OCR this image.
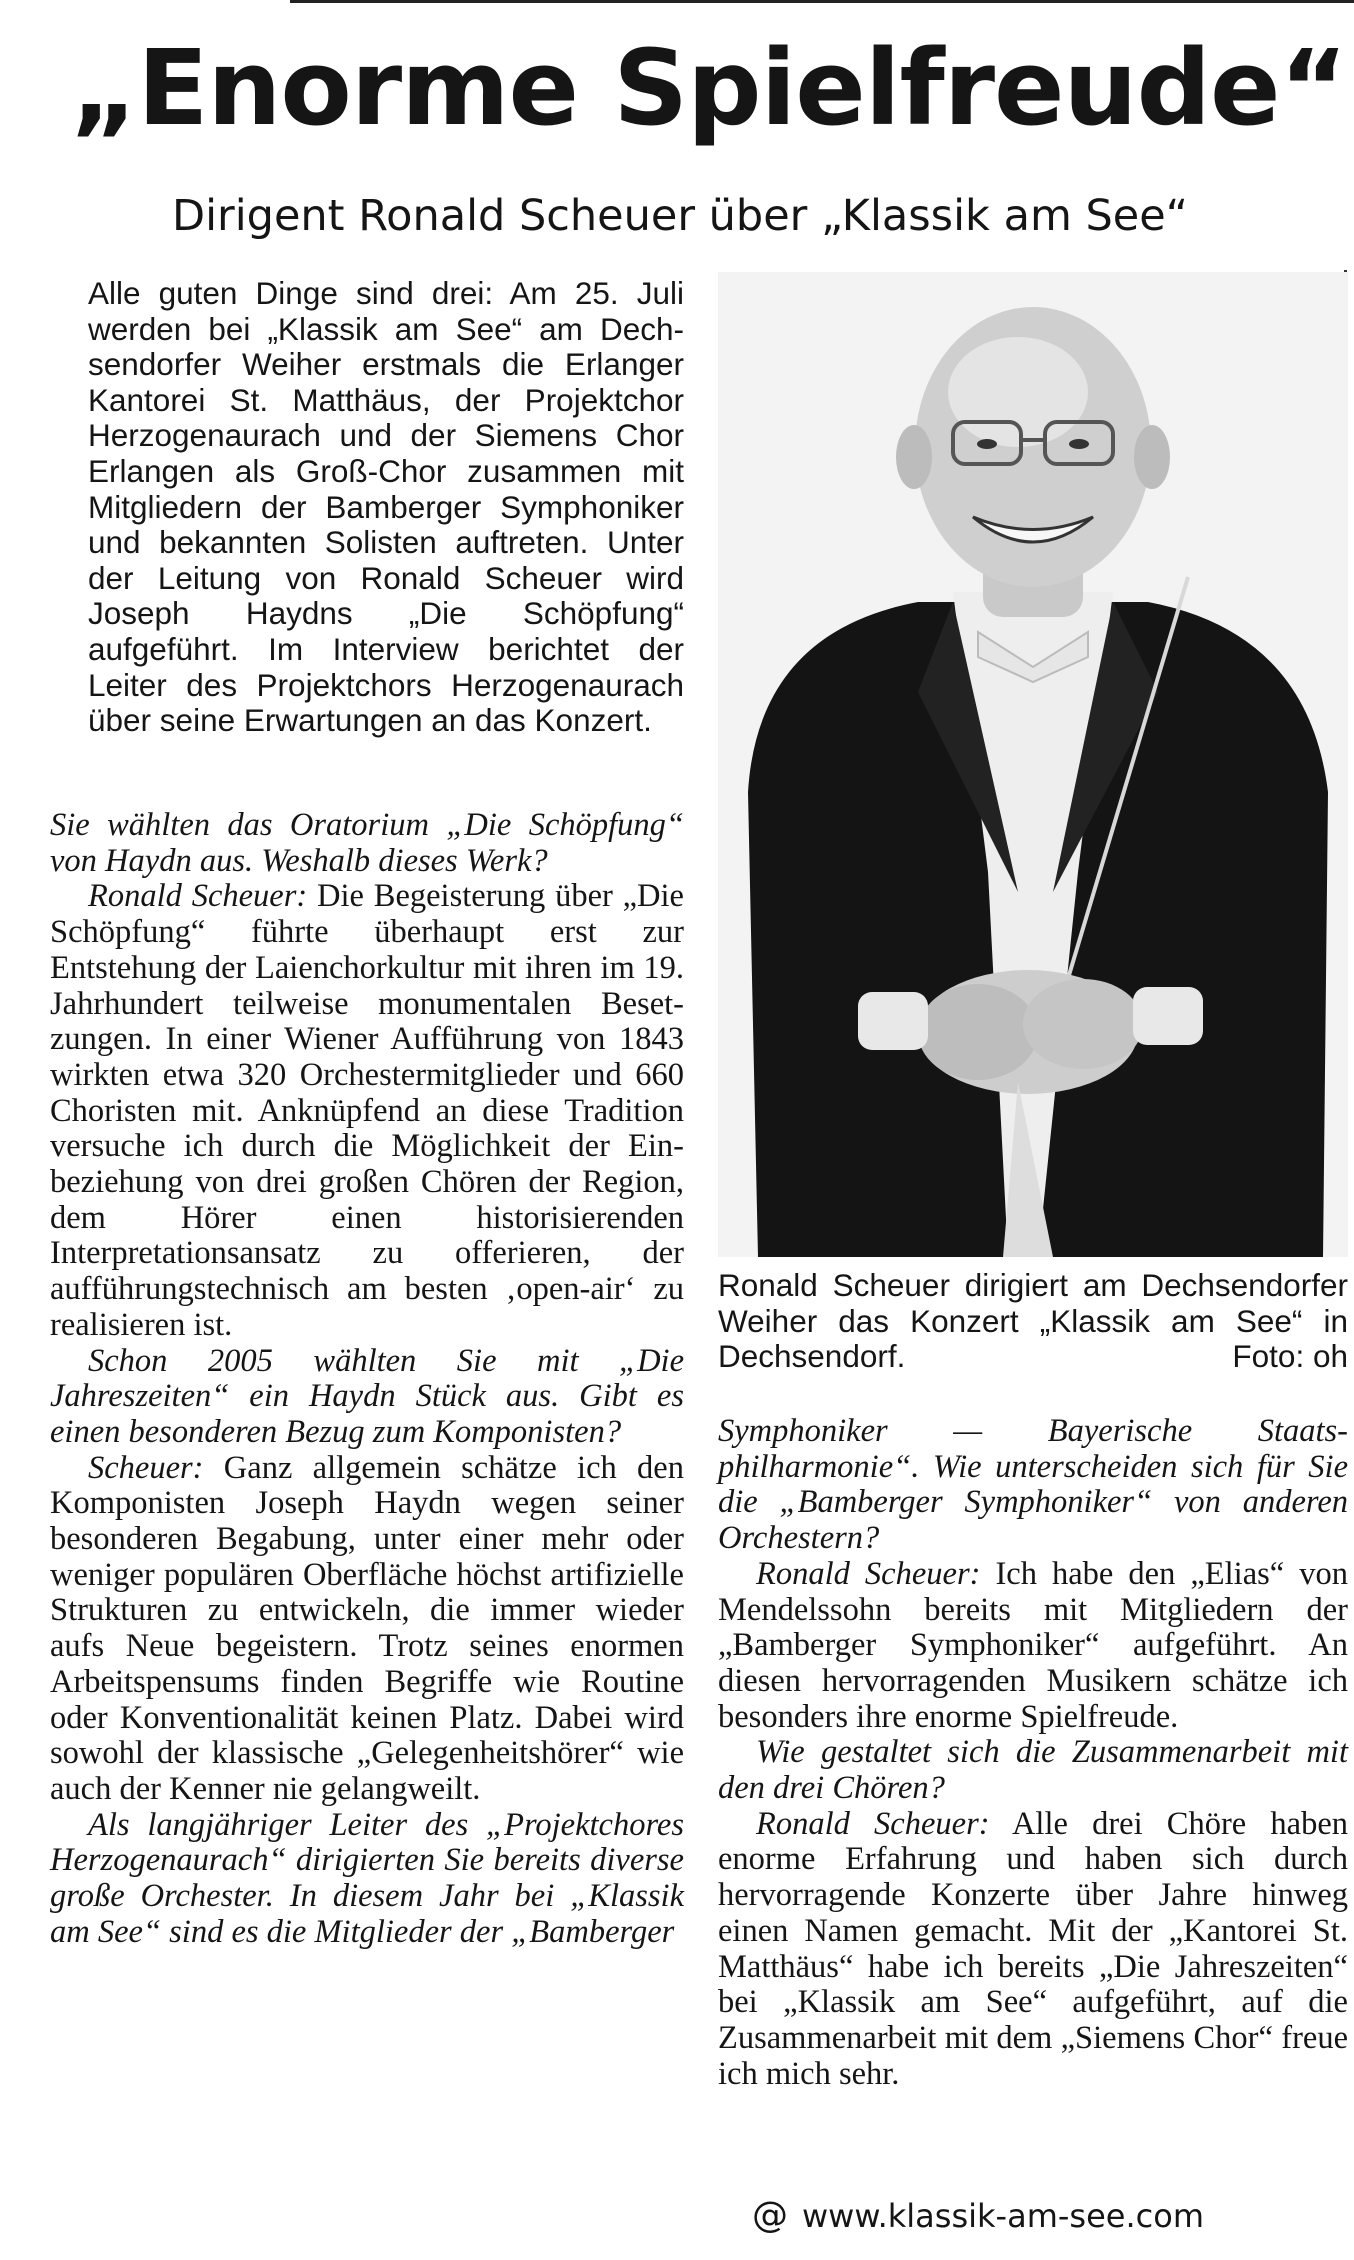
„Enorme Spielfreude“
Dirigent Ronald Scheuer über „Klassik am See“
Alle guten Dinge sind drei: Am 25. Juli werden bei „Klassik am See“ am Dechsendorfer Weiher erstmals die Erlanger Kantorei St. Matthäus, der Projektchor Herzogenaurach und der Siemens Chor Erlangen als Groß-Chor zusammen mit Mitgliedern der Bamberger Symphoniker und bekannten Solisten auftreten. Unter der Leitung von Ronald Scheuer wird Joseph Haydns „Die Schöpfung“ aufgeführt. Im Interview berichtet der Leiter des Projektchors Herzogenaurach über seine Erwartungen an das Konzert.

Sie wählten das Oratorium „Die Schöpfung“ von Haydn aus. Weshalb dieses Werk?

Ronald Scheuer: Die Begeisterung über „Die Schöpfung“ führte überhaupt erst zur Entstehung der Laienchorkultur mit ihren im 19. Jahrhundert teilweise monumentalen Besetzungen. In einer Wiener Aufführung von 1843 wirkten etwa 320 Orchestermitglieder und 660 Choristen mit. Anknüpfend an diese Tradition versuche ich durch die Möglichkeit der Einbeziehung von drei großen Chören der Region, dem Hörer einen historisierenden Interpretationsansatz zu offerieren, der aufführungstechnisch am besten ‚open-air‘ zu realisieren ist.

Schon 2005 wählten Sie mit „Die Jahreszeiten“ ein Haydn Stück aus. Gibt es einen besonderen Bezug zum Komponisten?

Scheuer: Ganz allgemein schätze ich den Komponisten Joseph Haydn wegen seiner besonderen Begabung, unter einer mehr oder weniger populären Oberfläche höchst artifizielle Strukturen zu entwickeln, die immer wieder aufs Neue begeistern. Trotz seines enormen Arbeitspensums finden Begriffe wie Routine oder Konventionalität keinen Platz. Dabei wird sowohl der klassische „Gelegenheitshörer“ wie auch der Kenner nie gelangweilt.

Als langjähriger Leiter des „Projektchores Herzogenaurach“ dirigierten Sie bereits diverse große Orchester. In diesem Jahr bei „Klassik am See“ sind es die Mitglieder der „Bamberger

Ronald Scheuer dirigiert am Dechsendorfer Weiher das Konzert „Klassik am See“ in Dechsendorf.	Foto: oh

Symphoniker — Bayerische Staatsphilharmonie“. Wie unterscheiden sich für Sie die „Bamberger Symphoniker“ von anderen Orchestern?

Ronald Scheuer: Ich habe den „Elias“ von Mendelssohn bereits mit Mitgliedern der „Bamberger Symphoniker“ aufgeführt. An diesen hervorragenden Musikern schätze ich besonders ihre enorme Spielfreude.

Wie gestaltet sich die Zusammenarbeit mit den drei Chören?

Ronald Scheuer: Alle drei Chöre haben enorme Erfahrung und haben sich durch hervorragende Konzerte über Jahre hinweg einen Namen gemacht. Mit der „Kantorei St. Matthäus“ habe ich bereits „Die Jahreszeiten“ bei „Klassik am See“ aufgeführt, auf die Zusammenarbeit mit dem „Siemens Chor“ freue ich mich sehr.

@ www.klassik-am-see.com
